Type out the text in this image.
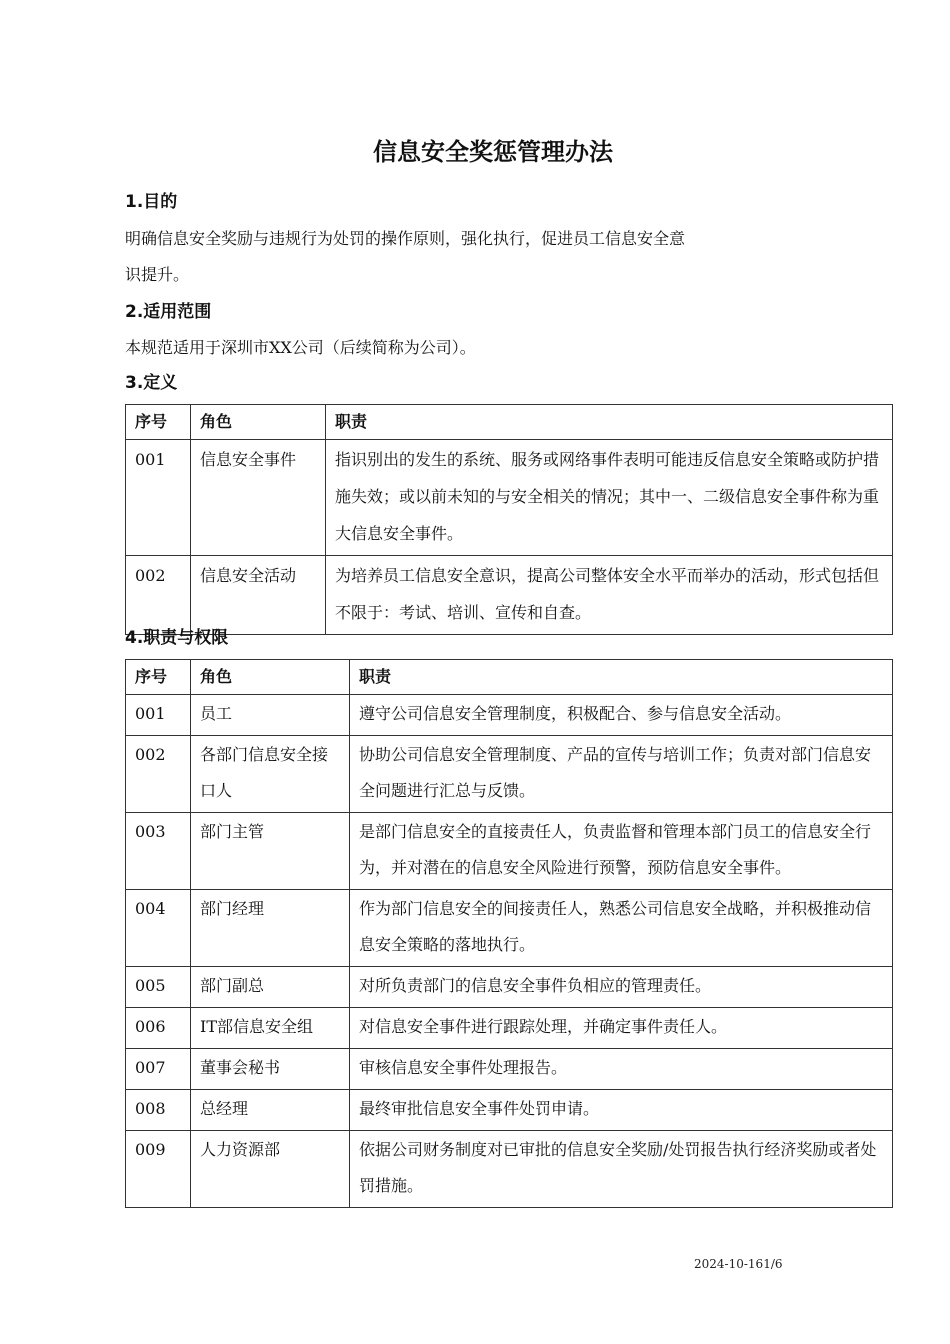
信息安全奖惩管理办法
1.目的

明确信息安全奖励与违规行为处罚的操作原则，强化执行，促进员工信息安全意

识提升。

2.适用范围

本规范适用于深圳市XX公司（后续简称为公司）。

3.定义
序号	角色	职责
001	信息安全事件	指识别出的发生的系统、服务或网络事件表明可能违反信息安全策略或防护措施失效；或以前未知的与安全相关的情况；其中一、二级信息安全事件称为重大信息安全事件。
002	信息安全活动	为培养员工信息安全意识，提高公司整体安全水平而举办的活动，形式包括但不限于：考试、培训、宣传和自查。
4.职责与权限
序号	角色	职责
001	员工	遵守公司信息安全管理制度，积极配合、参与信息安全活动。
002	各部门信息安全接口人	协助公司信息安全管理制度、产品的宣传与培训工作；负责对部门信息安全问题进行汇总与反馈。
003	部门主管	是部门信息安全的直接责任人，负责监督和管理本部门员工的信息安全行为，并对潜在的信息安全风险进行预警，预防信息安全事件。
004	部门经理	作为部门信息安全的间接责任人，熟悉公司信息安全战略，并积极推动信息安全策略的落地执行。
005	部门副总	对所负责部门的信息安全事件负相应的管理责任。
006	IT部信息安全组	对信息安全事件进行跟踪处理，并确定事件责任人。
007	董事会秘书	审核信息安全事件处理报告。
008	总经理	最终审批信息安全事件处罚申请。
009	人力资源部	依据公司财务制度对已审批的信息安全奖励/处罚报告执行经济奖励或者处罚措施。
2024-10-161/6
